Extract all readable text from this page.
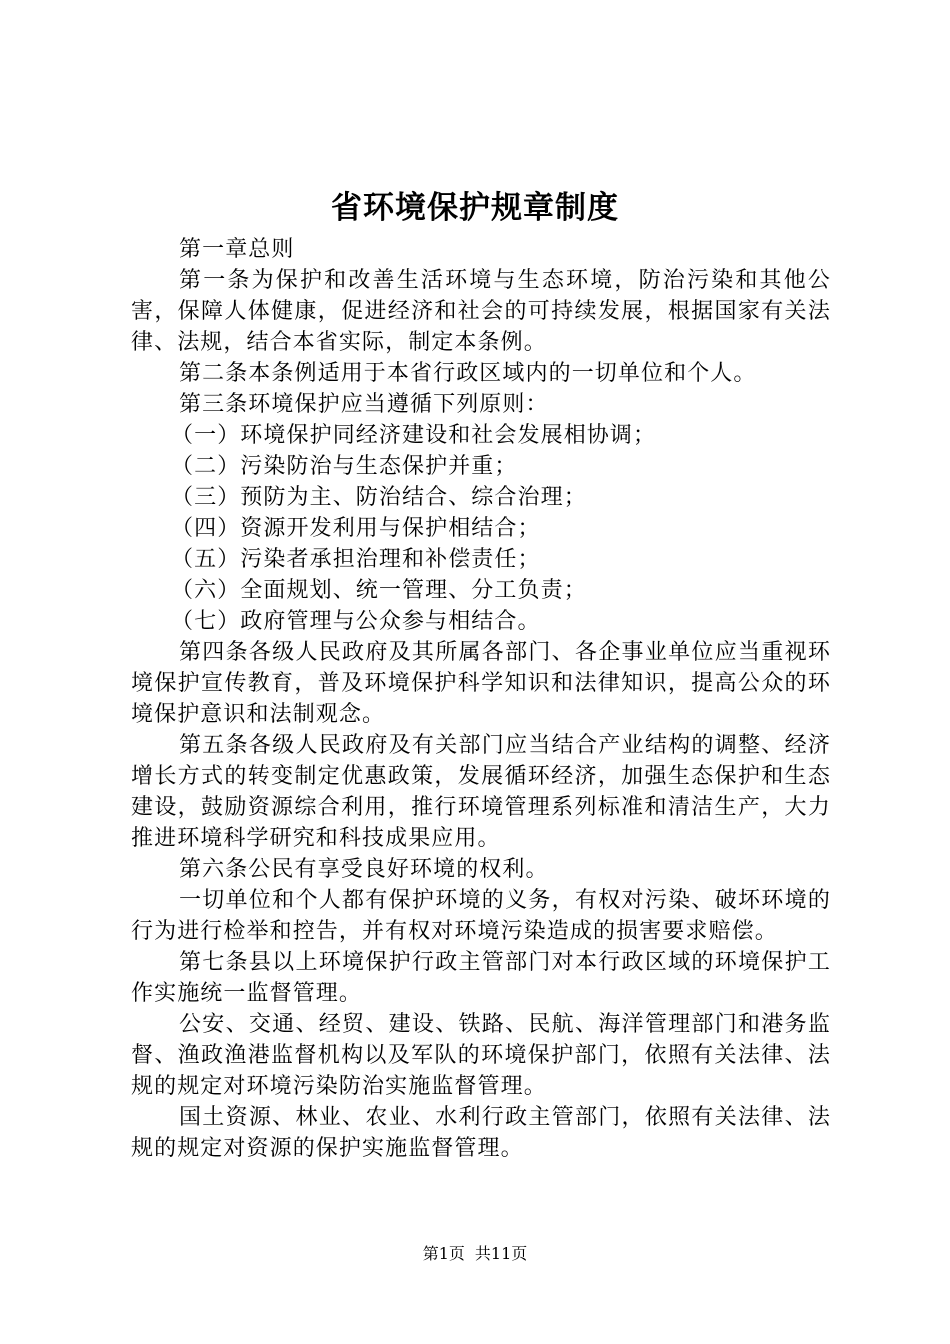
省环境保护规章制度

第一章总则

第一条为保护和改善生活环境与生态环境，防治污染和其他公害，保障人体健康，促进经济和社会的可持续发展，根据国家有关法律、法规，结合本省实际，制定本条例。

第二条本条例适用于本省行政区域内的一切单位和个人。

第三条环境保护应当遵循下列原则：

（一）环境保护同经济建设和社会发展相协调；

（二）污染防治与生态保护并重；

（三）预防为主、防治结合、综合治理；

（四）资源开发利用与保护相结合；

（五）污染者承担治理和补偿责任；

（六）全面规划、统一管理、分工负责；

（七）政府管理与公众参与相结合。

第四条各级人民政府及其所属各部门、各企事业单位应当重视环境保护宣传教育，普及环境保护科学知识和法律知识，提高公众的环境保护意识和法制观念。

第五条各级人民政府及有关部门应当结合产业结构的调整、经济增长方式的转变制定优惠政策，发展循环经济，加强生态保护和生态建设，鼓励资源综合利用，推行环境管理系列标准和清洁生产，大力推进环境科学研究和科技成果应用。

第六条公民有享受良好环境的权利。

一切单位和个人都有保护环境的义务，有权对污染、破坏环境的行为进行检举和控告，并有权对环境污染造成的损害要求赔偿。

第七条县以上环境保护行政主管部门对本行政区域的环境保护工作实施统一监督管理。

公安、交通、经贸、建设、铁路、民航、海洋管理部门和港务监督、渔政渔港监督机构以及军队的环境保护部门，依照有关法律、法规的规定对环境污染防治实施监督管理。

国土资源、林业、农业、水利行政主管部门，依照有关法律、法规的规定对资源的保护实施监督管理。

第1页 共11页
